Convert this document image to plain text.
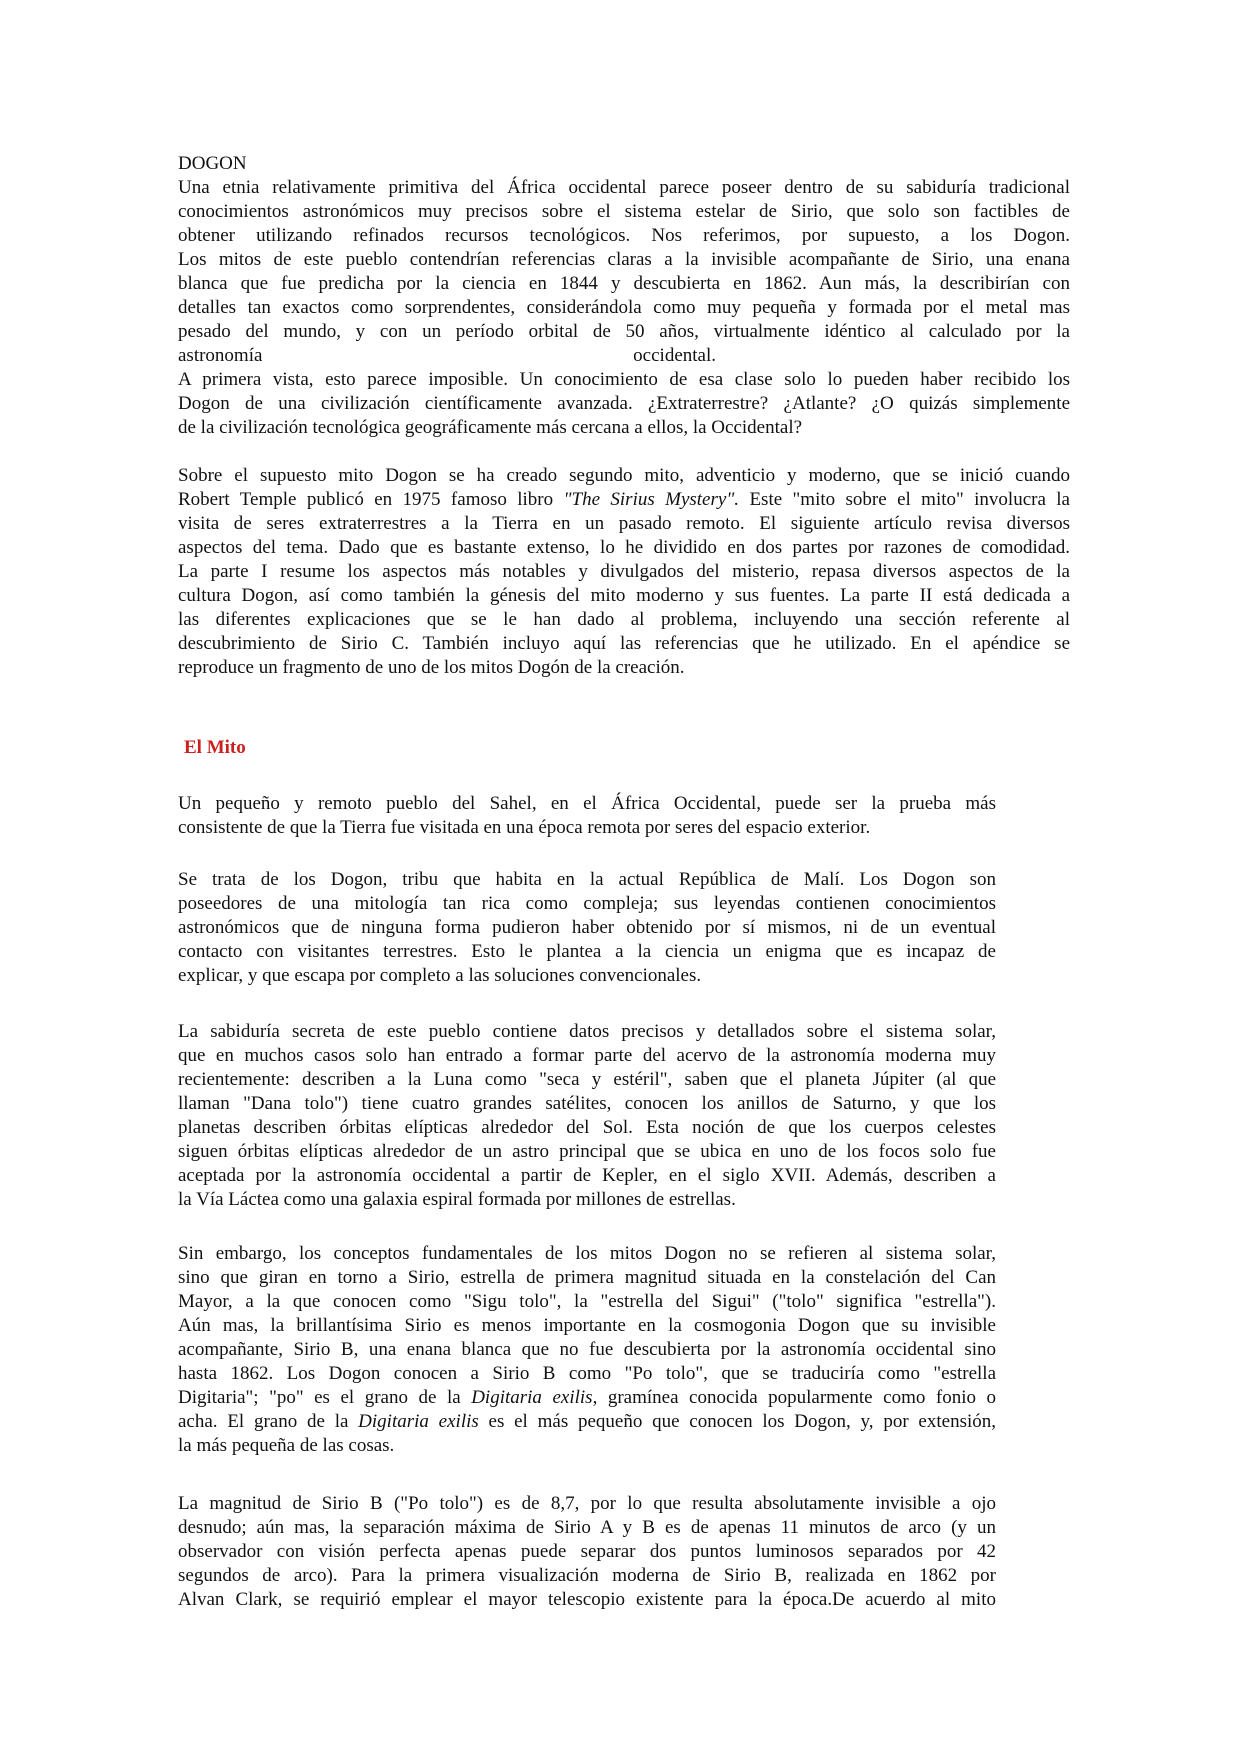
DOGON
Una etnia relativamente primitiva del África occidental parece poseer dentro de su sabiduría tradicional
conocimientos astronómicos muy precisos sobre el sistema estelar de Sirio, que solo son factibles de
obtener utilizando refinados recursos tecnológicos. Nos referimos, por supuesto, a los Dogon.
Los mitos de este pueblo contendrían referencias claras a la invisible acompañante de Sirio, una enana
blanca que fue predicha por la ciencia en 1844 y descubierta en 1862. Aun más, la describirían con
detalles tan exactos como sorprendentes, considerándola como muy pequeña y formada por el metal mas
pesado del mundo, y con un período orbital de 50 años, virtualmente idéntico al calculado por la
astronomía	occidental.
A primera vista, esto parece imposible. Un conocimiento de esa clase solo lo pueden haber recibido los
Dogon de una civilización científicamente avanzada. ¿Extraterrestre? ¿Atlante? ¿O quizás simplemente
de la civilización tecnológica geográficamente más cercana a ellos, la Occidental?
Sobre el supuesto mito Dogon se ha creado segundo mito, adventicio y moderno, que se inició cuando
Robert Temple publicó en 1975 famoso libro "The Sirius Mystery". Este "mito sobre el mito" involucra la
visita de seres extraterrestres a la Tierra en un pasado remoto. El siguiente artículo revisa diversos
aspectos del tema. Dado que es bastante extenso, lo he dividido en dos partes por razones de comodidad.
La parte I resume los aspectos más notables y divulgados del misterio, repasa diversos aspectos de la
cultura Dogon, así como también la génesis del mito moderno y sus fuentes. La parte II está dedicada a
las diferentes explicaciones que se le han dado al problema, incluyendo una sección referente al
descubrimiento de Sirio C. También incluyo aquí las referencias que he utilizado. En el apéndice se
reproduce un fragmento de uno de los mitos Dogón de la creación.
El Mito
Un pequeño y remoto pueblo del Sahel, en el África Occidental, puede ser la prueba más
consistente de que la Tierra fue visitada en una época remota por seres del espacio exterior.
Se trata de los Dogon, tribu que habita en la actual República de Malí. Los Dogon son
poseedores de una mitología tan rica como compleja; sus leyendas contienen conocimientos
astronómicos que de ninguna forma pudieron haber obtenido por sí mismos, ni de un eventual
contacto con visitantes terrestres. Esto le plantea a la ciencia un enigma que es incapaz de
explicar, y que escapa por completo a las soluciones convencionales.
La sabiduría secreta de este pueblo contiene datos precisos y detallados sobre el sistema solar,
que en muchos casos solo han entrado a formar parte del acervo de la astronomía moderna muy
recientemente: describen a la Luna como "seca y estéril", saben que el planeta Júpiter (al que
llaman "Dana tolo") tiene cuatro grandes satélites, conocen los anillos de Saturno, y que los
planetas describen órbitas elípticas alrededor del Sol. Esta noción de que los cuerpos celestes
siguen órbitas elípticas alrededor de un astro principal que se ubica en uno de los focos solo fue
aceptada por la astronomía occidental a partir de Kepler, en el siglo XVII. Además, describen a
la Vía Láctea como una galaxia espiral formada por millones de estrellas.
Sin embargo, los conceptos fundamentales de los mitos Dogon no se refieren al sistema solar,
sino que giran en torno a Sirio, estrella de primera magnitud situada en la constelación del Can
Mayor, a la que conocen como "Sigu tolo", la "estrella del Sigui" ("tolo" significa "estrella").
Aún mas, la brillantísima Sirio es menos importante en la cosmogonia Dogon que su invisible
acompañante, Sirio B, una enana blanca que no fue descubierta por la astronomía occidental sino
hasta 1862. Los Dogon conocen a Sirio B como "Po tolo", que se traduciría como "estrella
Digitaria"; "po" es el grano de la Digitaria exilis, gramínea conocida popularmente como fonio o
acha. El grano de la Digitaria exilis es el más pequeño que conocen los Dogon, y, por extensión,
la más pequeña de las cosas.
La magnitud de Sirio B ("Po tolo") es de 8,7, por lo que resulta absolutamente invisible a ojo
desnudo; aún mas, la separación máxima de Sirio A y B es de apenas 11 minutos de arco (y un
observador con visión perfecta apenas puede separar dos puntos luminosos separados por 42
segundos de arco). Para la primera visualización moderna de Sirio B, realizada en 1862 por
Alvan Clark, se requirió emplear el mayor telescopio existente para la época.De acuerdo al mito
